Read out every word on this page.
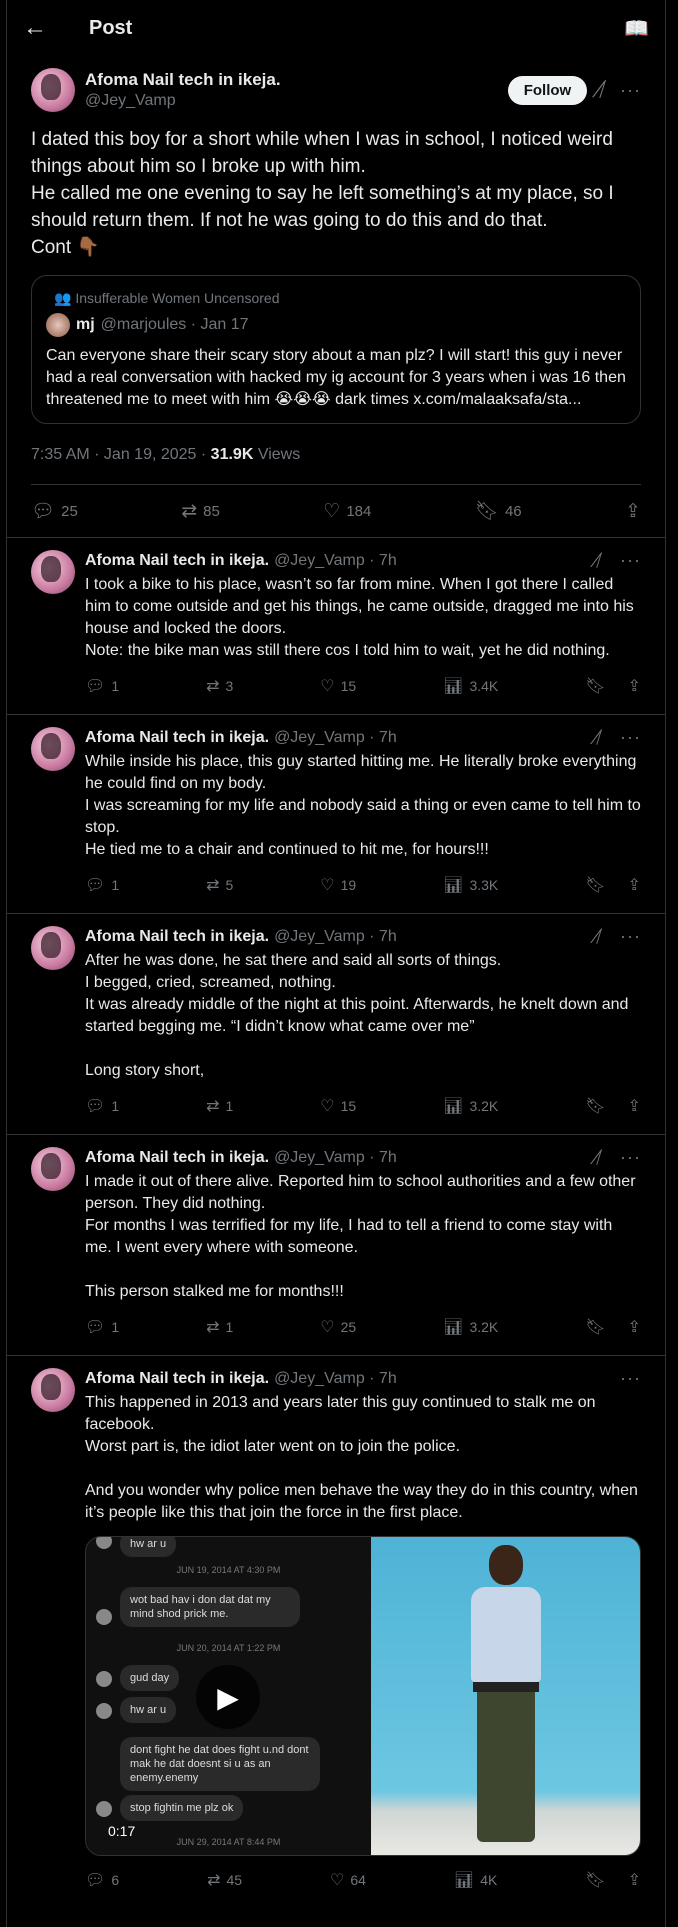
←	Post	📖
Afoma Nail tech in ikeja.
@Jey_Vamp
Follow	⧸̸ ···
I dated this boy for a short while when I was in school, I noticed weird things about him so I broke up with him.
He called me one evening to say he left something’s at my place, so I should return them. If not he was going to do this and do that.
Cont 👇🏾
👥 Insufferable Women Uncensored
mj @marjoules · Jan 17
Can everyone share their scary story about a man plz? I will start! this guy i never had a real conversation with hacked my ig account for 3 years when i was 16 then threatened me to meet with him 😭😭😭 dark times x.com/malaaksafa/sta...
7:35 AM · Jan 19, 2025 · 31.9K Views
💬︎ 25	⇄ 85	♡ 184	🔖︎ 46	⇪
Afoma Nail tech in ikeja. @Jey_Vamp · 7h	⧸̸ ···
I took a bike to his place, wasn’t so far from mine. When I got there I called him to come outside and get his things, he came outside, dragged me into his house and locked the doors.
Note: the bike man was still there cos I told him to wait, yet he did nothing.
💬︎ 1	⇄ 3	♡ 15	📊︎ 3.4K	🔖︎ ⇪
Afoma Nail tech in ikeja. @Jey_Vamp · 7h	⧸̸ ···
While inside his place, this guy started hitting me. He literally broke everything he could find on my body.
I was screaming for my life and nobody said a thing or even came to tell him to stop.
He tied me to a chair and continued to hit me, for hours!!!
💬︎ 1	⇄ 5	♡ 19	📊︎ 3.3K	🔖︎ ⇪
Afoma Nail tech in ikeja. @Jey_Vamp · 7h	⧸̸ ···
After he was done, he sat there and said all sorts of things.
I begged, cried, screamed, nothing.
It was already middle of the night at this point. Afterwards, he knelt down and started begging me. “I didn’t know what came over me”

Long story short,
💬︎ 1	⇄ 1	♡ 15	📊︎ 3.2K	🔖︎ ⇪
Afoma Nail tech in ikeja. @Jey_Vamp · 7h	⧸̸ ···
I made it out of there alive. Reported him to school authorities and a few other person. They did nothing.
For months I was terrified for my life, I had to tell a friend to come stay with me. I went every where with someone.

This person stalked me for months!!!
💬︎ 1	⇄ 1	♡ 25	📊︎ 3.2K	🔖︎ ⇪
Afoma Nail tech in ikeja. @Jey_Vamp · 7h	···
This happened in 2013 and years later this guy continued to stalk me on facebook.
Worst part is, the idiot later went on to join the police.

And you wonder why police men behave the way they do in this country, when it’s people like this that join the force in the first place.
hw ar u
JUN 19, 2014 AT 4:30 PM
wot bad hav i don dat dat my mind shod prick me.
JUN 20, 2014 AT 1:22 PM
gud day
hw ar u
dont fight he dat does fight u.nd dont mak he dat doesnt si u as an enemy.enemy
stop fightin me plz ok
JUN 29, 2014 AT 8:44 PM
▶
0:17
💬︎ 6	⇄ 45	♡ 64	📊︎ 4K	🔖︎ ⇪
